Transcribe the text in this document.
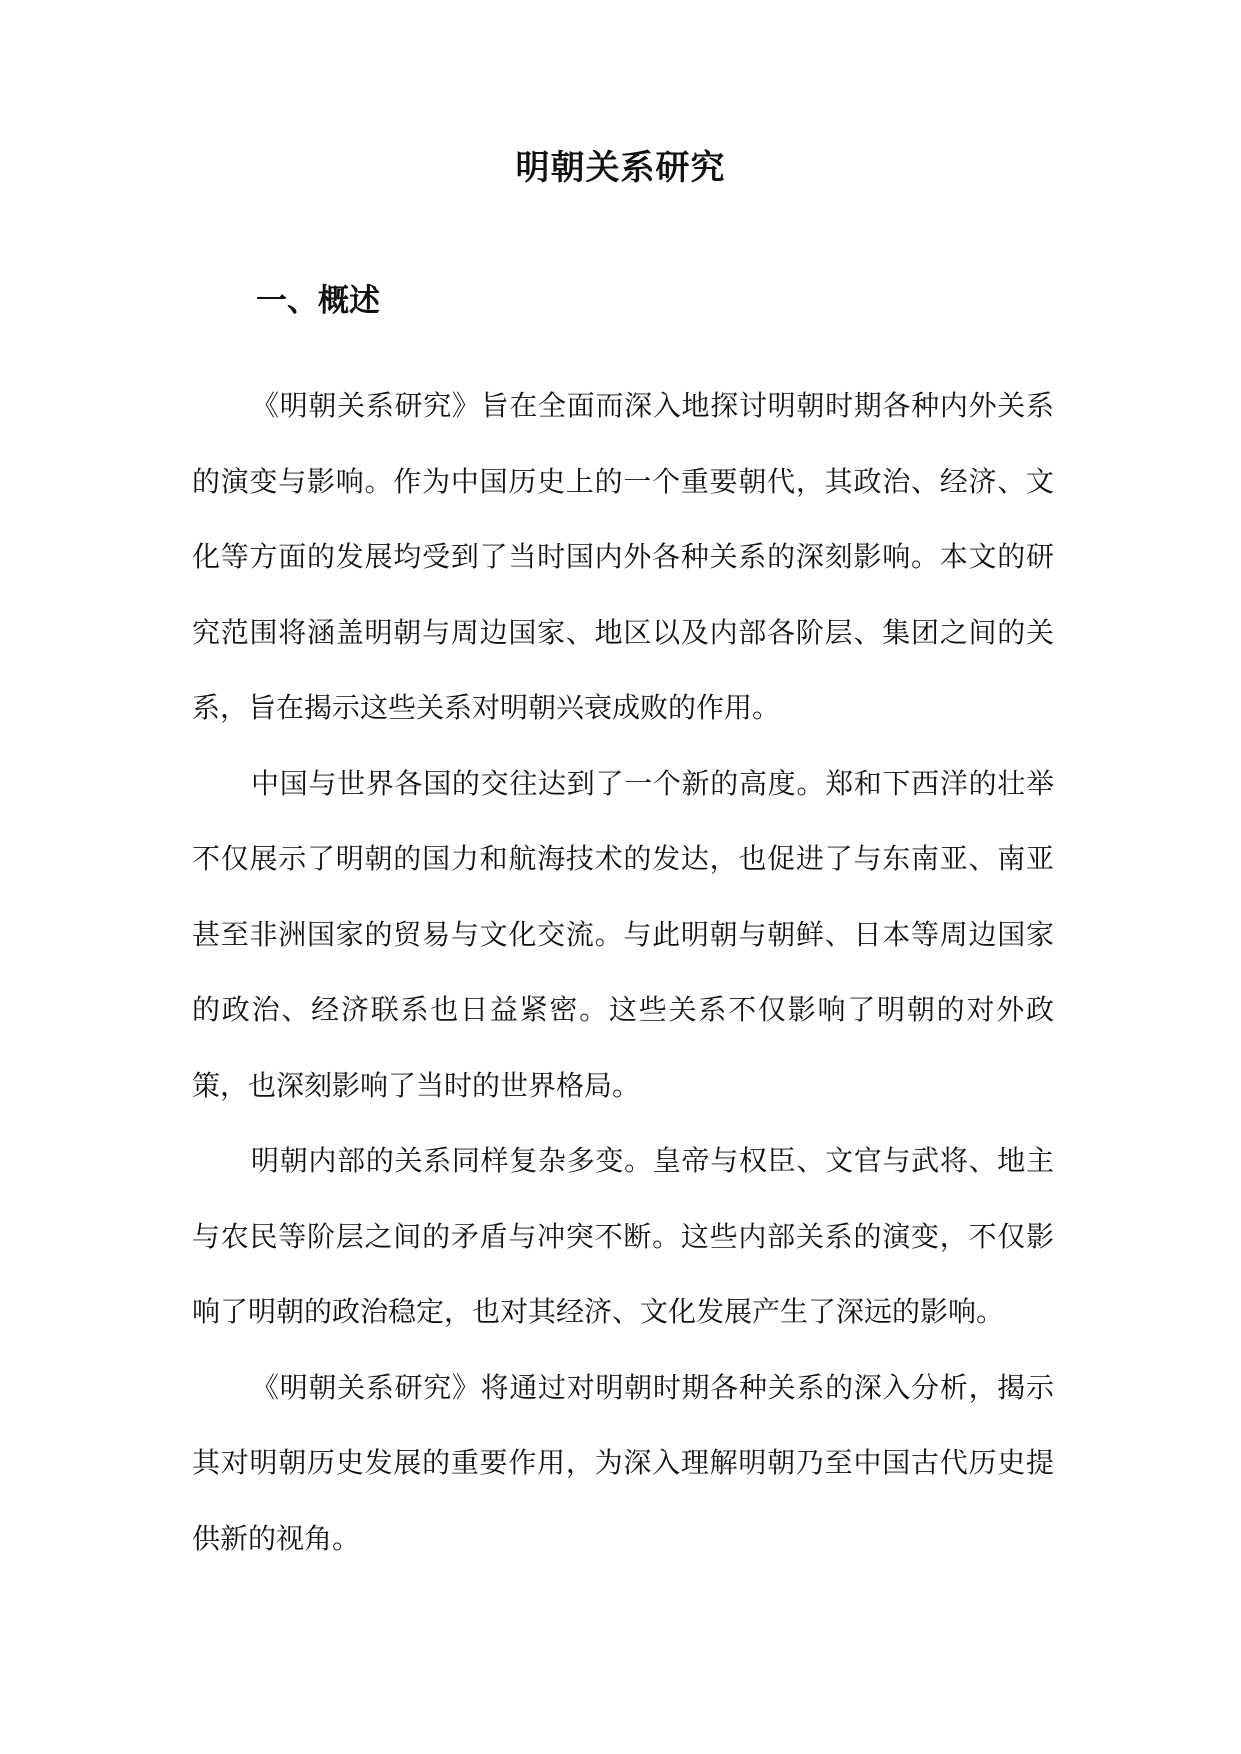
明朝关系研究
一、概述

《明朝关系研究》旨在全面而深入地探讨明朝时期各种内外关系的演变与影响。作为中国历史上的一个重要朝代，其政治、经济、文化等方面的发展均受到了当时国内外各种关系的深刻影响。本文的研究范围将涵盖明朝与周边国家、地区以及内部各阶层、集团之间的关系，旨在揭示这些关系对明朝兴衰成败的作用。

中国与世界各国的交往达到了一个新的高度。郑和下西洋的壮举不仅展示了明朝的国力和航海技术的发达，也促进了与东南亚、南亚甚至非洲国家的贸易与文化交流。与此明朝与朝鲜、日本等周边国家的政治、经济联系也日益紧密。这些关系不仅影响了明朝的对外政策，也深刻影响了当时的世界格局。

明朝内部的关系同样复杂多变。皇帝与权臣、文官与武将、地主与农民等阶层之间的矛盾与冲突不断。这些内部关系的演变，不仅影响了明朝的政治稳定，也对其经济、文化发展产生了深远的影响。

《明朝关系研究》将通过对明朝时期各种关系的深入分析，揭示其对明朝历史发展的重要作用，为深入理解明朝乃至中国古代历史提供新的视角。
